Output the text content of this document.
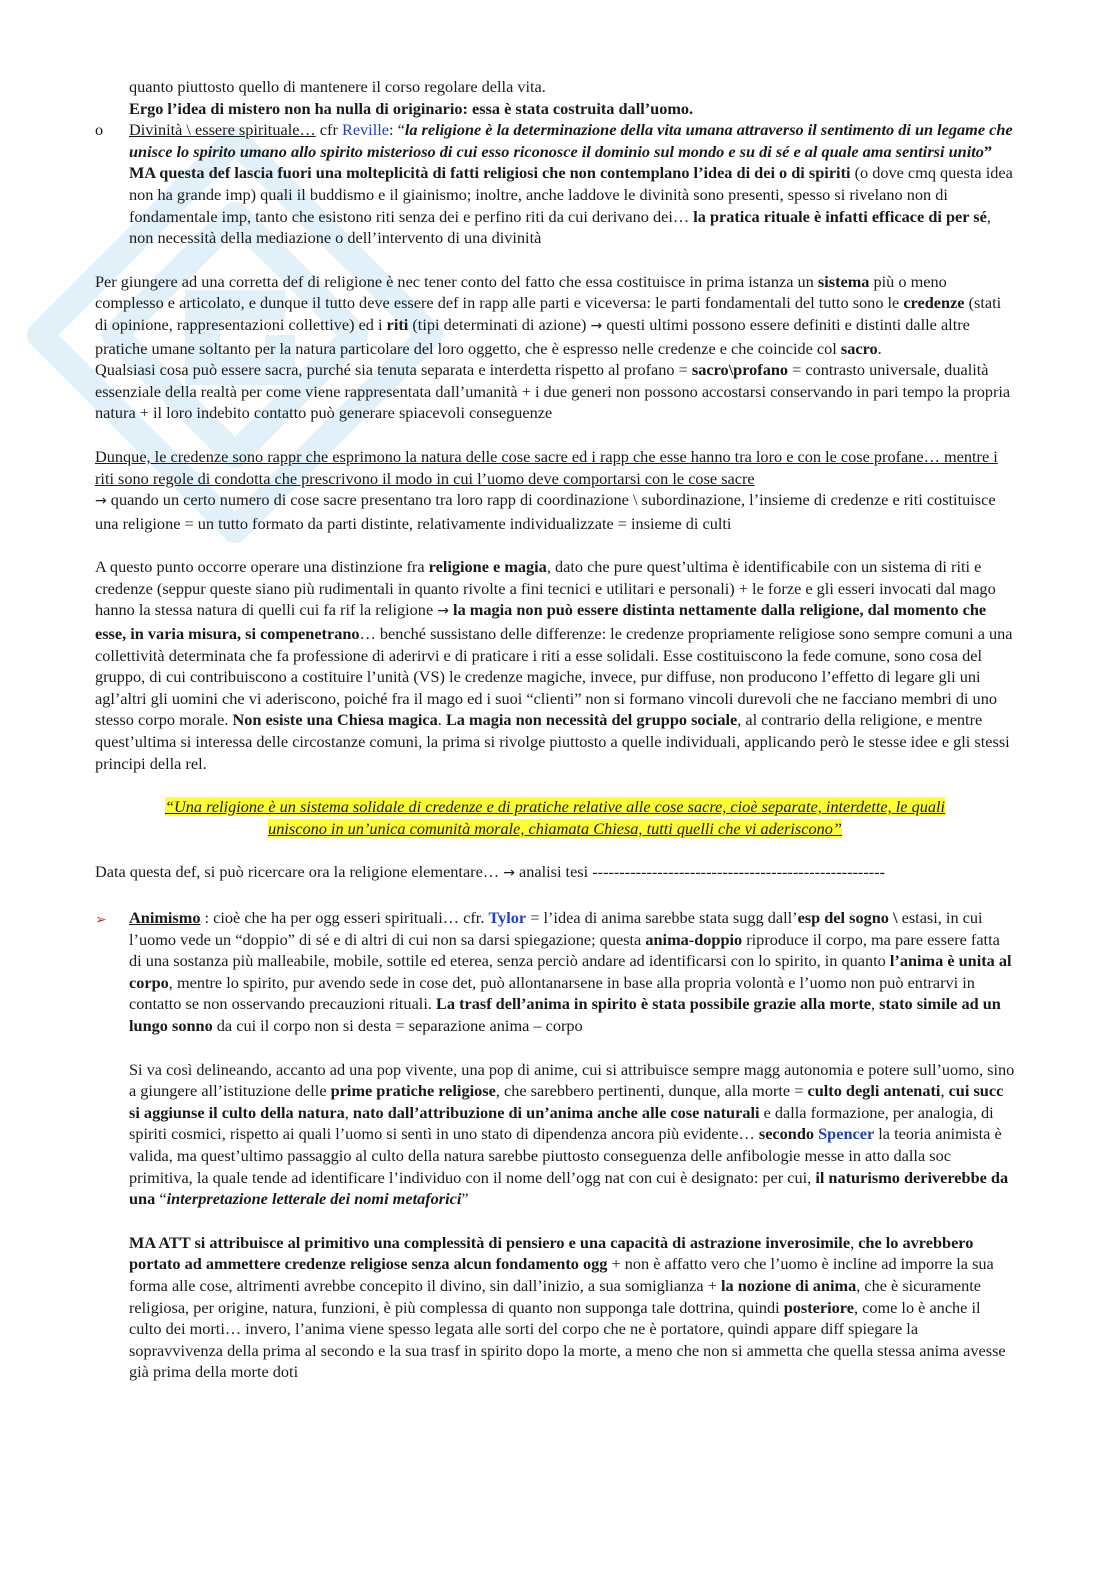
quanto piuttosto quello di mantenere il corso regolare della vita.
Ergo l’idea di mistero non ha nulla di originario: essa è stata costruita dall’uomo.
o Divinità \ essere spirituale… cfr Reville: “la religione è la determinazione della vita umana attraverso il sentimento di un legame che unisce lo spirito umano allo spirito misterioso di cui esso riconosce il dominio sul mondo e su di sé e al quale ama sentirsi unito” MA questa def lascia fuori una molteplicità di fatti religiosi che non contemplano l’idea di dei o di spiriti (o dove cmq questa idea non ha grande imp) quali il buddismo e il giainismo; inoltre, anche laddove le divinità sono presenti, spesso si rivelano non di fondamentale imp, tanto che esistono riti senza dei e perfino riti da cui derivano dei… la pratica rituale è infatti efficace di per sé, non necessità della mediazione o dell’intervento di una divinità
Per giungere ad una corretta def di religione è nec tener conto del fatto che essa costituisce in prima istanza un sistema più o meno complesso e articolato, e dunque il tutto deve essere def in rapp alle parti e viceversa: le parti fondamentali del tutto sono le credenze (stati di opinione, rappresentazioni collettive) ed i riti (tipi determinati di azione) → questi ultimi possono essere definiti e distinti dalle altre pratiche umane soltanto per la natura particolare del loro oggetto, che è espresso nelle credenze e che coincide col sacro.
Qualsiasi cosa può essere sacra, purché sia tenuta separata e interdetta rispetto al profano = sacro\profano = contrasto universale, dualità essenziale della realtà per come viene rappresentata dall’umanità + i due generi non possono accostarsi conservando in pari tempo la propria natura + il loro indebito contatto può generare spiacevoli conseguenze
Dunque, le credenze sono rappr che esprimono la natura delle cose sacre ed i rapp che esse hanno tra loro e con le cose profane… mentre i riti sono regole di condotta che prescrivono il modo in cui l’uomo deve comportarsi con le cose sacre
→ quando un certo numero di cose sacre presentano tra loro rapp di coordinazione \ subordinazione, l’insieme di credenze e riti costituisce una religione = un tutto formato da parti distinte, relativamente individualizzate = insieme di culti
A questo punto occorre operare una distinzione fra religione e magia, dato che pure quest’ultima è identificabile con un sistema di riti e credenze (seppur queste siano più rudimentali in quanto rivolte a fini tecnici e utilitari e personali) + le forze e gli esseri invocati dal mago hanno la stessa natura di quelli cui fa rif la religione → la magia non può essere distinta nettamente dalla religione, dal momento che esse, in varia misura, si compenetrano… benché sussistano delle differenze: le credenze propriamente religiose sono sempre comuni a una collettività determinata che fa professione di aderirvi e di praticare i riti a esse solidali. Esse costituiscono la fede comune, sono cosa del gruppo, di cui contribuiscono a costituire l’unità (VS) le credenze magiche, invece, pur diffuse, non producono l’effetto di legare gli uni agl’altri gli uomini che vi aderiscono, poiché fra il mago ed i suoi “clienti” non si formano vincoli durevoli che ne facciano membri di uno stesso corpo morale. Non esiste una Chiesa magica. La magia non necessità del gruppo sociale, al contrario della religione, e mentre quest’ultima si interessa delle circostanze comuni, la prima si rivolge piuttosto a quelle individuali, applicando però le stesse idee e gli stessi principi della rel.
“Una religione è un sistema solidale di credenze e di pratiche relative alle cose sacre, cioè separate, interdette, le quali
uniscono in un’unica comunità morale, chiamata Chiesa, tutti quelli che vi aderiscono”
Data questa def, si può ricercare ora la religione elementare… → analisi tesi ------------------------------------------------------
➢ Animismo : cioè che ha per ogg esseri spirituali… cfr. Tylor = l’idea di anima sarebbe stata sugg dall’esp del sogno \ estasi, in cui l’uomo vede un “doppio” di sé e di altri di cui non sa darsi spiegazione; questa anima-doppio riproduce il corpo, ma pare essere fatta di una sostanza più malleabile, mobile, sottile ed eterea, senza perciò andare ad identificarsi con lo spirito, in quanto l’anima è unita al corpo, mentre lo spirito, pur avendo sede in cose det, può allontanarsene in base alla propria volontà e l’uomo non può entrarvi in contatto se non osservando precauzioni rituali. La trasf dell’anima in spirito è stata possibile grazie alla morte, stato simile ad un lungo sonno da cui il corpo non si desta = separazione anima – corpo
Si va così delineando, accanto ad una pop vivente, una pop di anime, cui si attribuisce sempre magg autonomia e potere sull’uomo, sino a giungere all’istituzione delle prime pratiche religiose, che sarebbero pertinenti, dunque, alla morte = culto degli antenati, cui succ si aggiunse il culto della natura, nato dall’attribuzione di un’anima anche alle cose naturali e dalla formazione, per analogia, di spiriti cosmici, rispetto ai quali l’uomo si sentì in uno stato di dipendenza ancora più evidente… secondo Spencer la teoria animista è valida, ma quest’ultimo passaggio al culto della natura sarebbe piuttosto conseguenza delle anfibologie messe in atto dalla soc primitiva, la quale tende ad identificare l’individuo con il nome dell’ogg nat con cui è designato: per cui, il naturismo deriverebbe da una “interpretazione letterale dei nomi metaforici”
MA ATT si attribuisce al primitivo una complessità di pensiero e una capacità di astrazione inverosimile, che lo avrebbero portato ad ammettere credenze religiose senza alcun fondamento ogg + non è affatto vero che l’uomo è incline ad imporre la sua forma alle cose, altrimenti avrebbe concepito il divino, sin dall’inizio, a sua somiglianza + la nozione di anima, che è sicuramente religiosa, per origine, natura, funzioni, è più complessa di quanto non supponga tale dottrina, quindi posteriore, come lo è anche il culto dei morti… invero, l’anima viene spesso legata alle sorti del corpo che ne è portatore, quindi appare diff spiegare la sopravvivenza della prima al secondo e la sua trasf in spirito dopo la morte, a meno che non si ammetta che quella stessa anima avesse già prima della morte doti
